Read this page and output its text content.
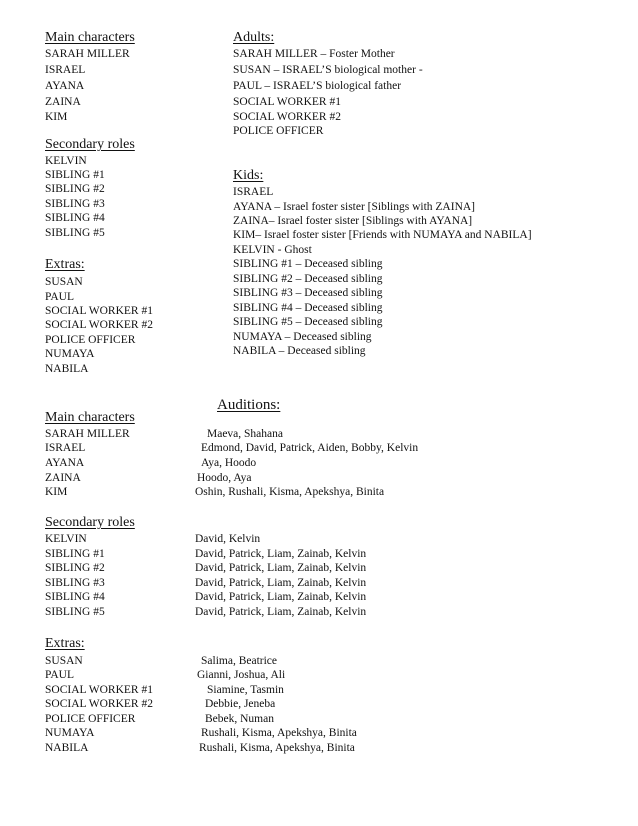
Main characters
SARAH MILLER
ISRAEL
AYANA
ZAINA
KIM
Secondary roles
KELVIN
SIBLING #1
SIBLING #2
SIBLING #3
SIBLING #4
SIBLING #5
Extras:
SUSAN
PAUL
SOCIAL WORKER #1
SOCIAL WORKER #2
POLICE OFFICER
NUMAYA
NABILA
Adults:
SARAH MILLER – Foster Mother
SUSAN – ISRAEL’S biological mother -
PAUL – ISRAEL’S biological father
SOCIAL WORKER #1
SOCIAL WORKER #2
POLICE OFFICER
Kids:
ISRAEL
AYANA – Israel foster sister [Siblings with ZAINA]
ZAINA– Israel foster sister [Siblings with AYANA]
KIM– Israel foster sister [Friends with NUMAYA and NABILA]
KELVIN - Ghost
SIBLING #1 – Deceased sibling
SIBLING #2 – Deceased sibling
SIBLING #3 – Deceased sibling
SIBLING #4 – Deceased sibling
SIBLING #5 – Deceased sibling
NUMAYA – Deceased sibling
NABILA – Deceased sibling
Auditions:
Main characters
SARAH MILLER	Maeva, Shahana
ISRAEL	Edmond, David, Patrick, Aiden, Bobby, Kelvin
AYANA	Aya, Hoodo
ZAINA	Hoodo, Aya
KIM	Oshin, Rushali, Kisma, Apekshya, Binita
Secondary roles
KELVIN	David, Kelvin
SIBLING #1	David, Patrick, Liam, Zainab, Kelvin
SIBLING #2	David, Patrick, Liam, Zainab, Kelvin
SIBLING #3	David, Patrick, Liam, Zainab, Kelvin
SIBLING #4	David, Patrick, Liam, Zainab, Kelvin
SIBLING #5	David, Patrick, Liam, Zainab, Kelvin
Extras:
SUSAN	Salima, Beatrice
PAUL	Gianni, Joshua, Ali
SOCIAL WORKER #1	Siamine, Tasmin
SOCIAL WORKER #2	Debbie, Jeneba
POLICE OFFICER	Bebek, Numan
NUMAYA	Rushali, Kisma, Apekshya, Binita
NABILA	Rushali, Kisma, Apekshya, Binita
